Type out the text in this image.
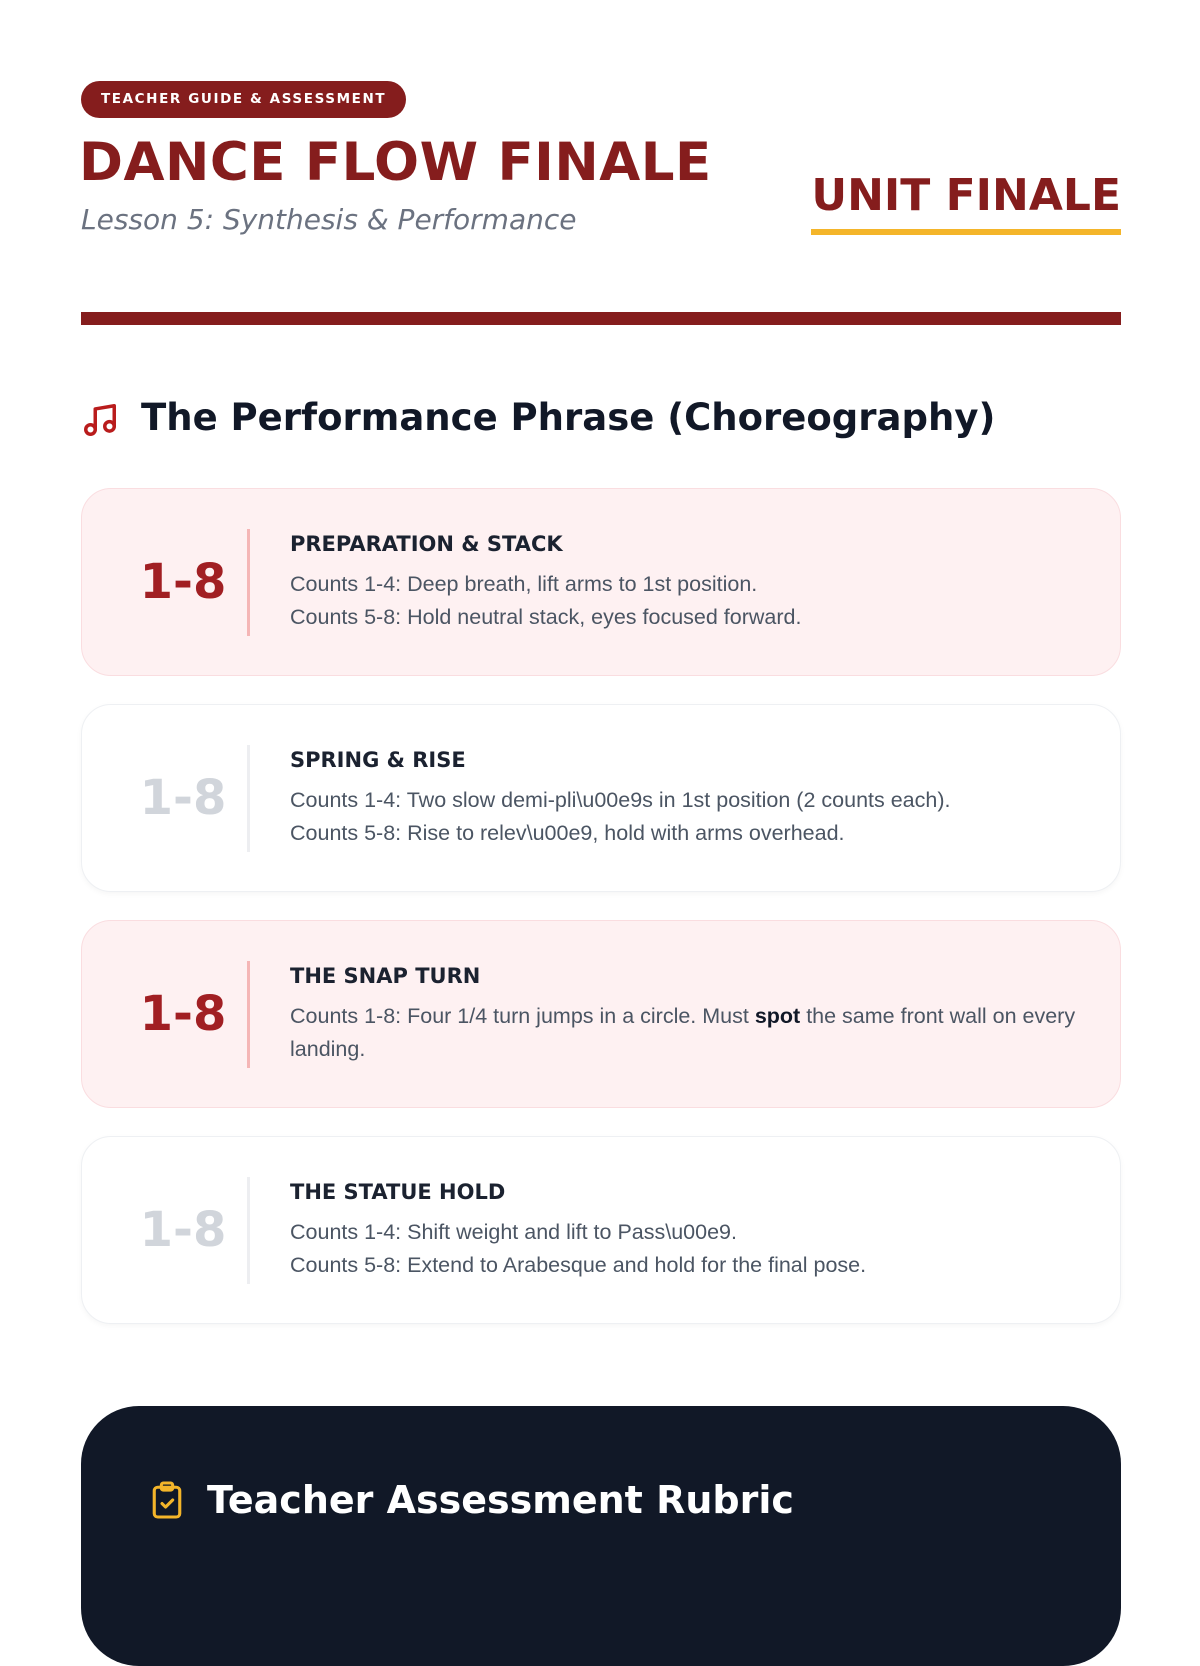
TEACHER GUIDE & ASSESSMENT
DANCE FLOW FINALE

Lesson 5: Synthesis & Performance	UNIT FINALE
The Performance Phrase (Choreography)
1-8
PREPARATION & STACK

Counts 1-4: Deep breath, lift arms to 1st position.

Counts 5-8: Hold neutral stack, eyes focused forward.

1-8
SPRING & RISE

Counts 1-4: Two slow demi-pli\u00e9s in 1st position (2 counts each).

Counts 5-8: Rise to relev\u00e9, hold with arms overhead.

1-8
THE SNAP TURN

Counts 1-8: Four 1/4 turn jumps in a circle. Must spot the same front wall on every landing.

1-8
THE STATUE HOLD

Counts 1-4: Shift weight and lift to Pass\u00e9.

Counts 5-8: Extend to Arabesque and hold for the final pose.

Teacher Assessment Rubric
